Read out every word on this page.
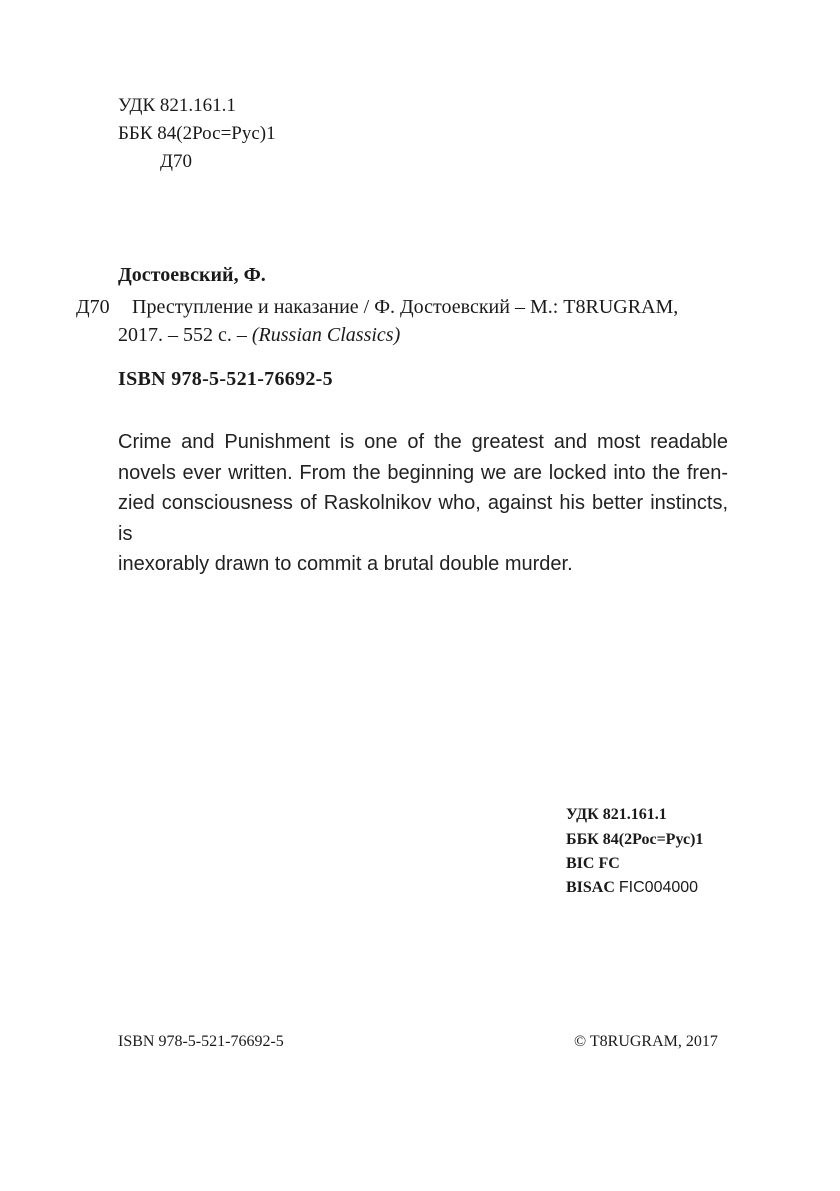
УДК 821.161.1
ББК 84(2Рос=Рус)1
Д70
Достоевский, Ф.
Д70 Преступление и наказание / Ф. Достоевский – М.: T8RUGRAM,
2017. – 552 с. – (Russian Classics)
ISBN 978-5-521-76692-5
Crime and Punishment is one of the greatest and most readable
novels ever written. From the beginning we are locked into the fren-
zied consciousness of Raskolnikov who, against his better instincts, is
inexorably drawn to commit a brutal double murder.
УДК 821.161.1
ББК 84(2Рос=Рус)1
BIC FC
BISAC FIC004000
ISBN 978-5-521-76692-5	© T8RUGRAM, 2017
